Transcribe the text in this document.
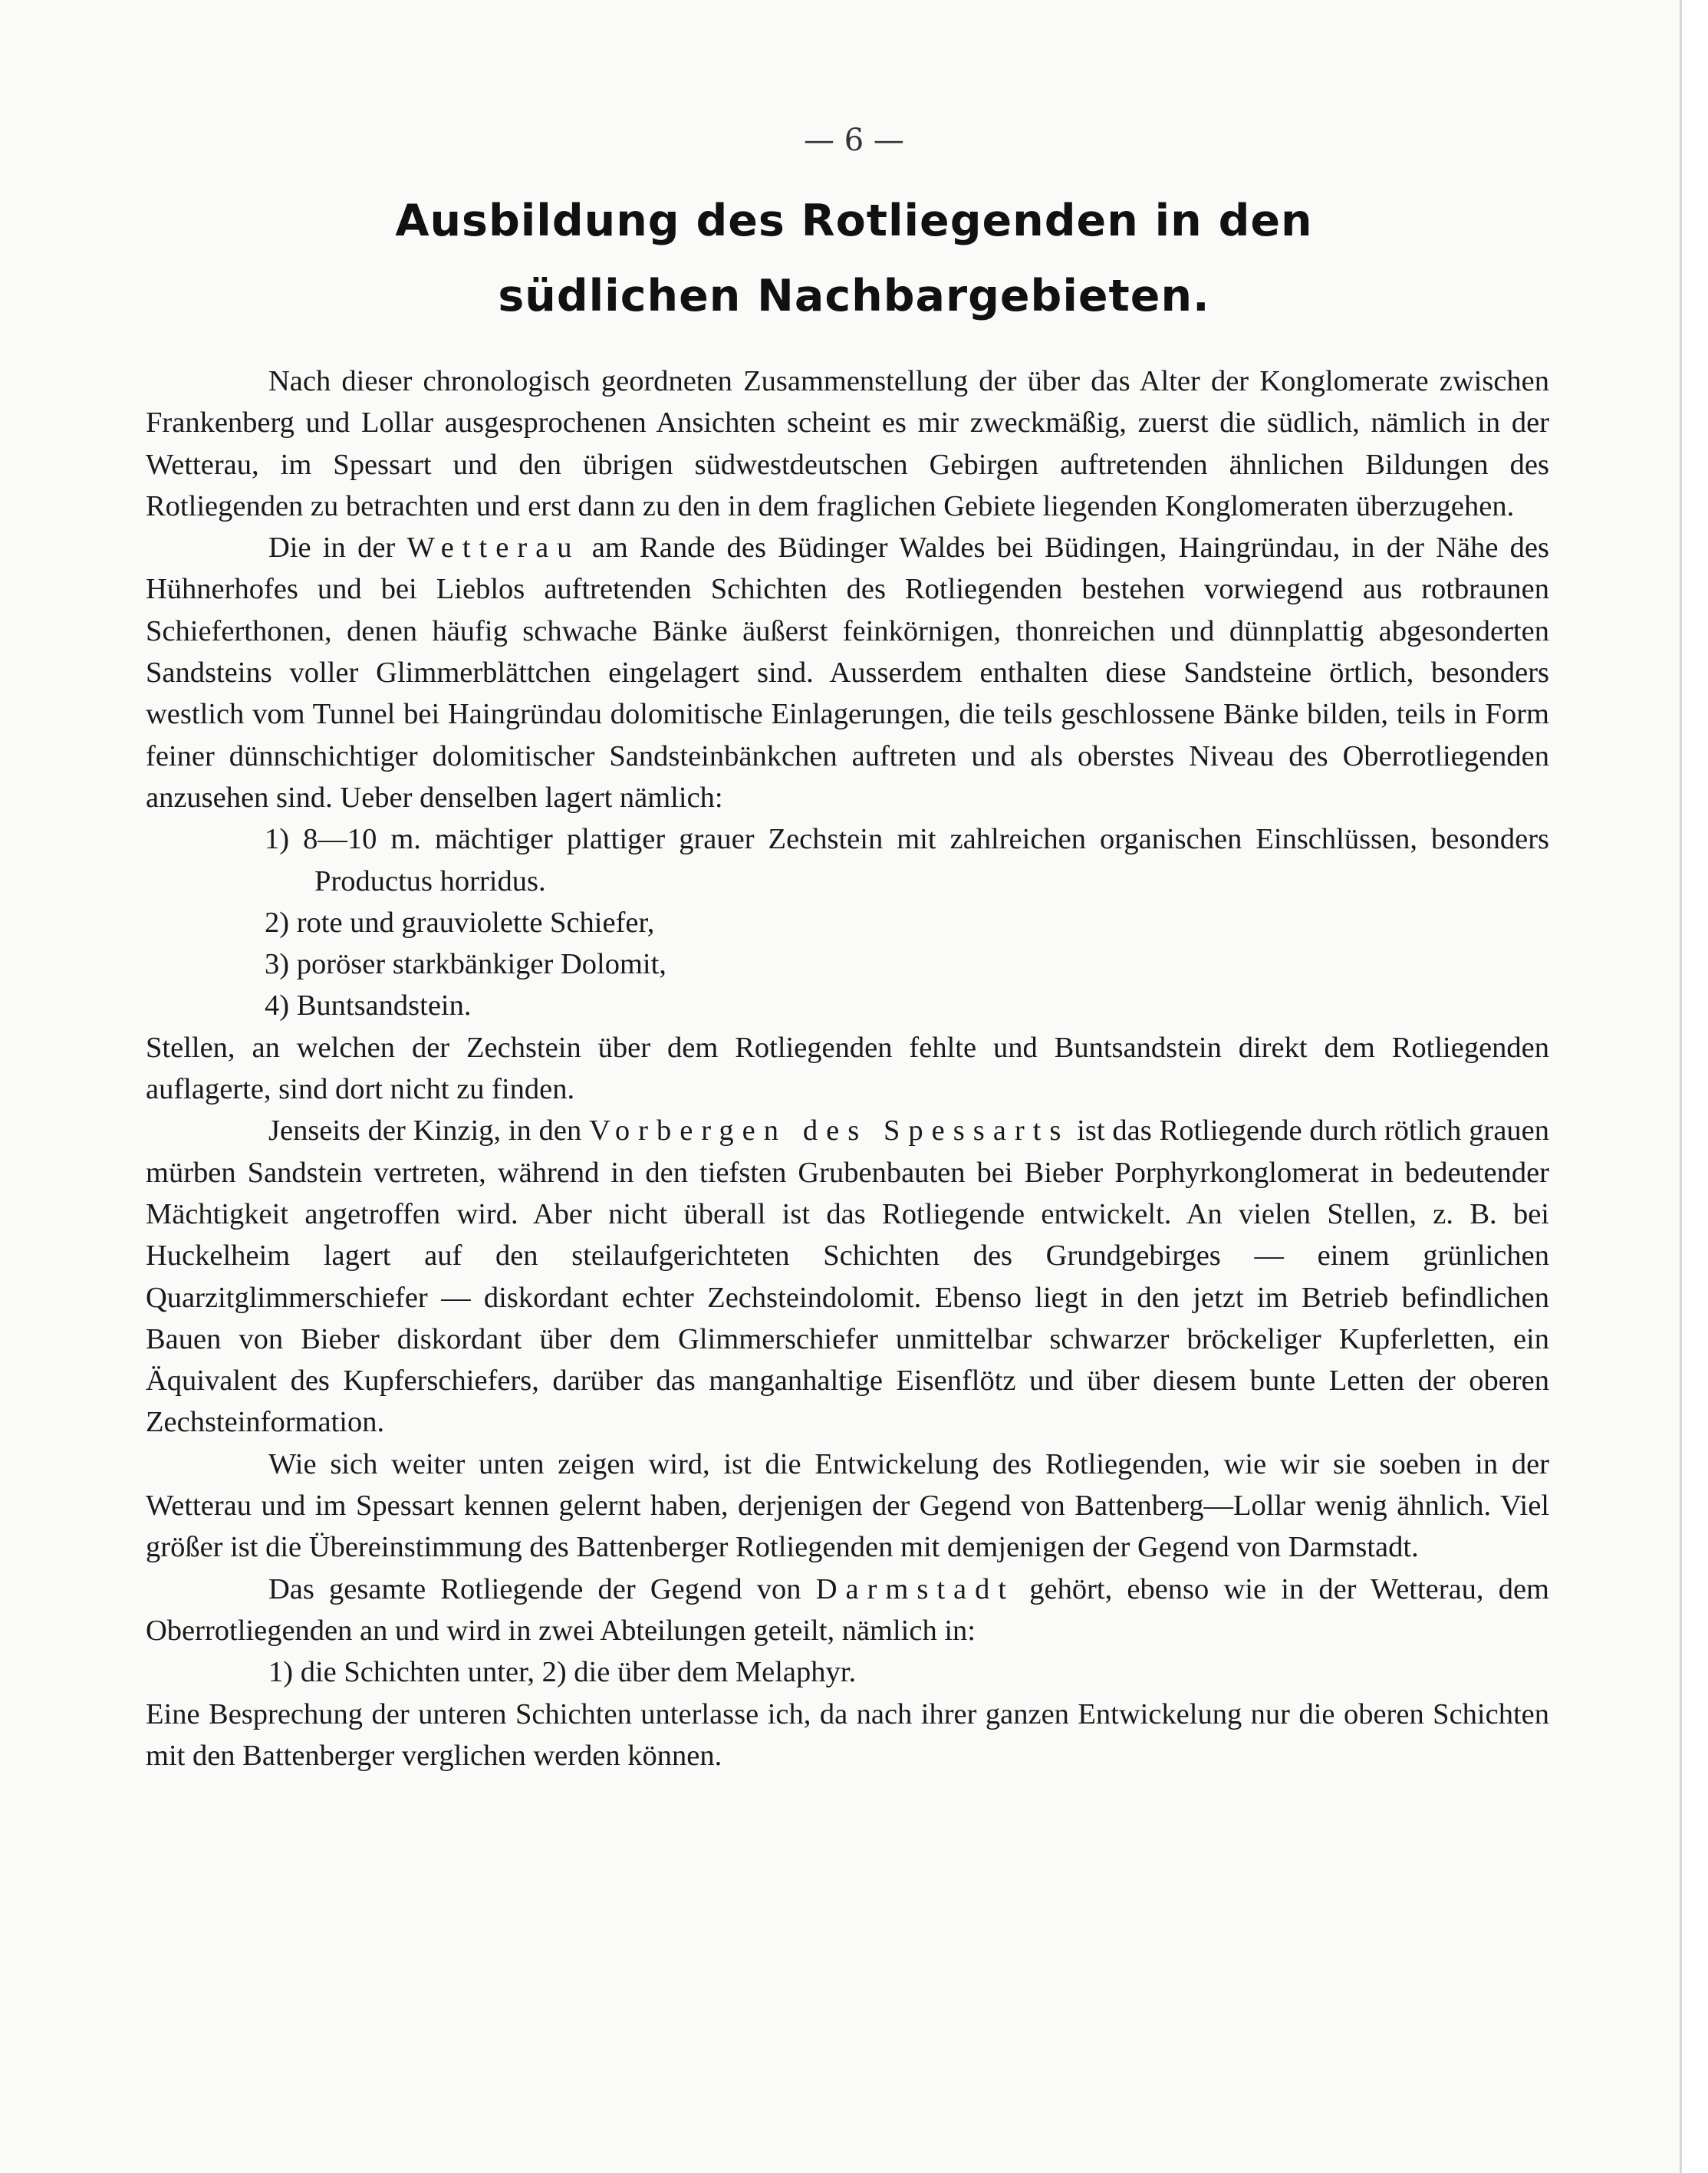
— 6 —
Ausbildung des Rotliegenden in den
südlichen Nachbargebieten.

Nach dieser chronologisch geordneten Zusammenstellung der über das Alter der Konglomerate zwischen Frankenberg und Lollar ausgesprochenen Ansichten scheint es mir zweckmäßig, zuerst die südlich, nämlich in der Wetterau, im Spessart und den übrigen südwestdeutschen Gebirgen auftretenden ähnlichen Bildungen des Rotliegenden zu betrachten und erst dann zu den in dem fraglichen Gebiete liegenden Konglomeraten überzugehen.

Die in der Wetterau am Rande des Büdinger Waldes bei Büdingen, Haingründau, in der Nähe des Hühnerhofes und bei Lieblos auftretenden Schichten des Rotliegenden bestehen vorwiegend aus rotbraunen Schieferthonen, denen häufig schwache Bänke äußerst feinkörnigen, thonreichen und dünnplattig abgesonderten Sandsteins voller Glimmerblättchen eingelagert sind. Ausserdem enthalten diese Sandsteine örtlich, besonders westlich vom Tunnel bei Haingründau dolomitische Einlagerungen, die teils geschlossene Bänke bilden, teils in Form feiner dünnschichtiger dolomitischer Sandsteinbänkchen auftreten und als oberstes Niveau des Oberrotliegenden anzusehen sind. Ueber denselben lagert nämlich:

1) 8—10 m. mächtiger plattiger grauer Zechstein mit zahlreichen organischen Einschlüssen, besonders Productus horridus.

2) rote und grauviolette Schiefer,

3) poröser starkbänkiger Dolomit,

4) Buntsandstein.

Stellen, an welchen der Zechstein über dem Rotliegenden fehlte und Buntsandstein direkt dem Rotliegenden auflagerte, sind dort nicht zu finden.

Jenseits der Kinzig, in den Vorbergen des Spessarts ist das Rotliegende durch rötlich grauen mürben Sandstein vertreten, während in den tiefsten Grubenbauten bei Bieber Porphyrkonglomerat in bedeutender Mächtigkeit angetroffen wird. Aber nicht überall ist das Rotliegende entwickelt. An vielen Stellen, z. B. bei Huckelheim lagert auf den steilaufgerichteten Schichten des Grundgebirges — einem grünlichen Quarzitglimmerschiefer — diskordant echter Zechsteindolomit. Ebenso liegt in den jetzt im Betrieb befindlichen Bauen von Bieber diskordant über dem Glimmerschiefer unmittelbar schwarzer bröckeliger Kupferletten, ein Äquivalent des Kupferschiefers, darüber das manganhaltige Eisenflötz und über diesem bunte Letten der oberen Zechsteinformation.

Wie sich weiter unten zeigen wird, ist die Entwickelung des Rotliegenden, wie wir sie soeben in der Wetterau und im Spessart kennen gelernt haben, derjenigen der Gegend von Battenberg—Lollar wenig ähnlich. Viel größer ist die Übereinstimmung des Battenberger Rotliegenden mit demjenigen der Gegend von Darmstadt.

Das gesamte Rotliegende der Gegend von Darmstadt gehört, ebenso wie in der Wetterau, dem Oberrotliegenden an und wird in zwei Abteilungen geteilt, nämlich in:

1) die Schichten unter, 2) die über dem Melaphyr.

Eine Besprechung der unteren Schichten unterlasse ich, da nach ihrer ganzen Entwickelung nur die oberen Schichten mit den Battenberger verglichen werden können.
